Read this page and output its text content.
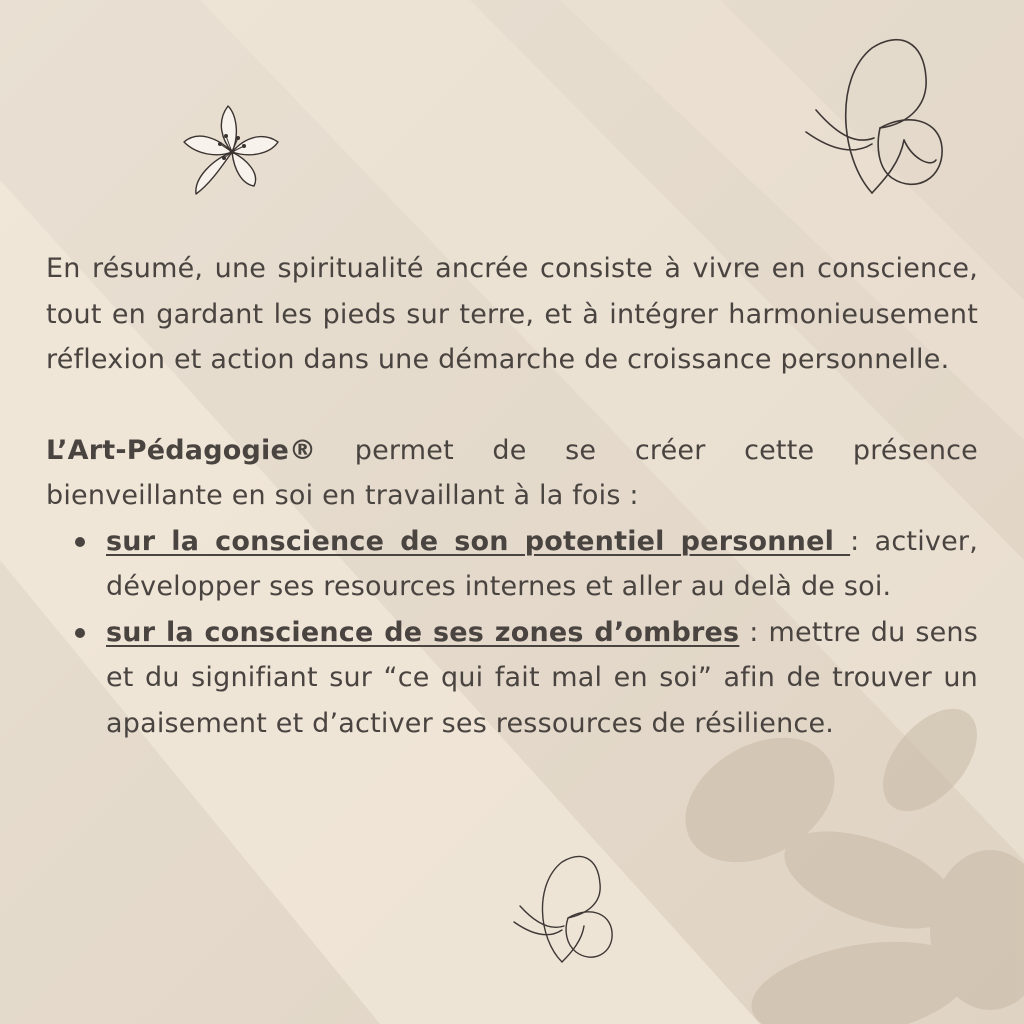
En résumé, une spiritualité ancrée consiste à vivre en conscience, tout en gardant les pieds sur terre, et à intégrer harmonieusement réflexion et action dans une démarche de croissance personnelle.

L’Art-Pédagogie® permet de se créer cette présence bienveillante en soi en travaillant à la fois :

sur la conscience de son potentiel personnel : activer, développer ses resources internes et aller au delà de soi.
sur la conscience de ses zones d’ombres : mettre du sens et du signifiant sur “ce qui fait mal en soi” afin de trouver un apaisement et d’activer ses ressources de résilience.
